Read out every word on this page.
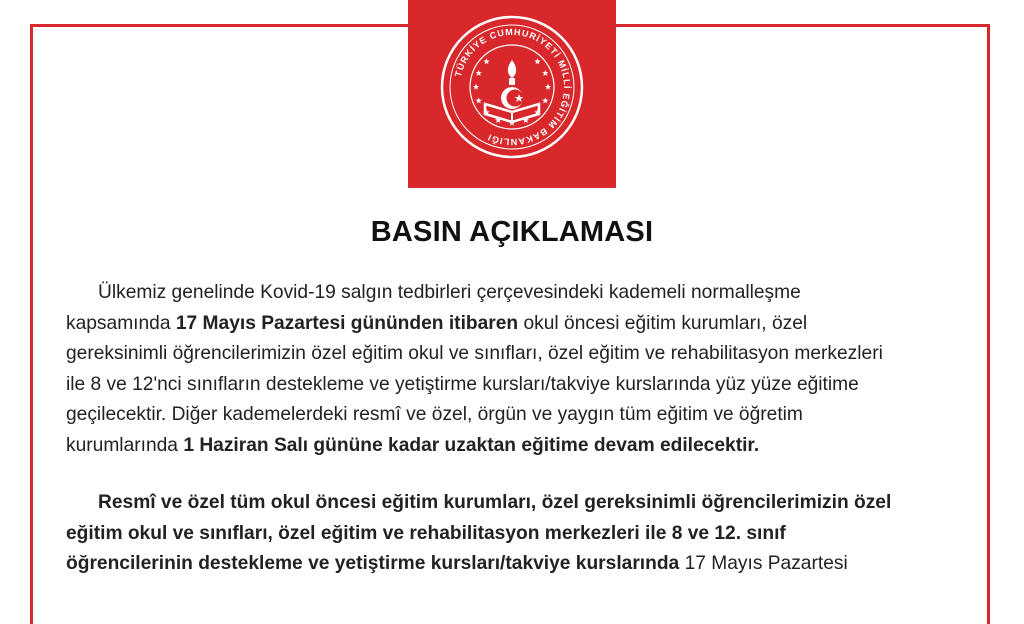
TÜRKİYE CUMHURİYETİ MİLLİ EĞİTİM BAKANLIĞI
BASIN AÇIKLAMASI

Ülkemiz genelinde Kovid-19 salgın tedbirleri çerçevesindeki kademeli normalleşme
kapsamında 17 Mayıs Pazartesi gününden itibaren okul öncesi eğitim kurumları, özel
gereksinimli öğrencilerimizin özel eğitim okul ve sınıfları, özel eğitim ve rehabilitasyon merkezleri
ile 8 ve 12'nci sınıfların destekleme ve yetiştirme kursları/takviye kurslarında yüz yüze eğitime
geçilecektir. Diğer kademelerdeki resmî ve özel, örgün ve yaygın tüm eğitim ve öğretim
kurumlarında 1 Haziran Salı gününe kadar uzaktan eğitime devam edilecektir.

Resmî ve özel tüm okul öncesi eğitim kurumları, özel gereksinimli öğrencilerimizin özel
eğitim okul ve sınıfları, özel eğitim ve rehabilitasyon merkezleri ile 8 ve 12. sınıf
öğrencilerinin destekleme ve yetiştirme kursları/takviye kurslarında 17 Mayıs Pazartesi
